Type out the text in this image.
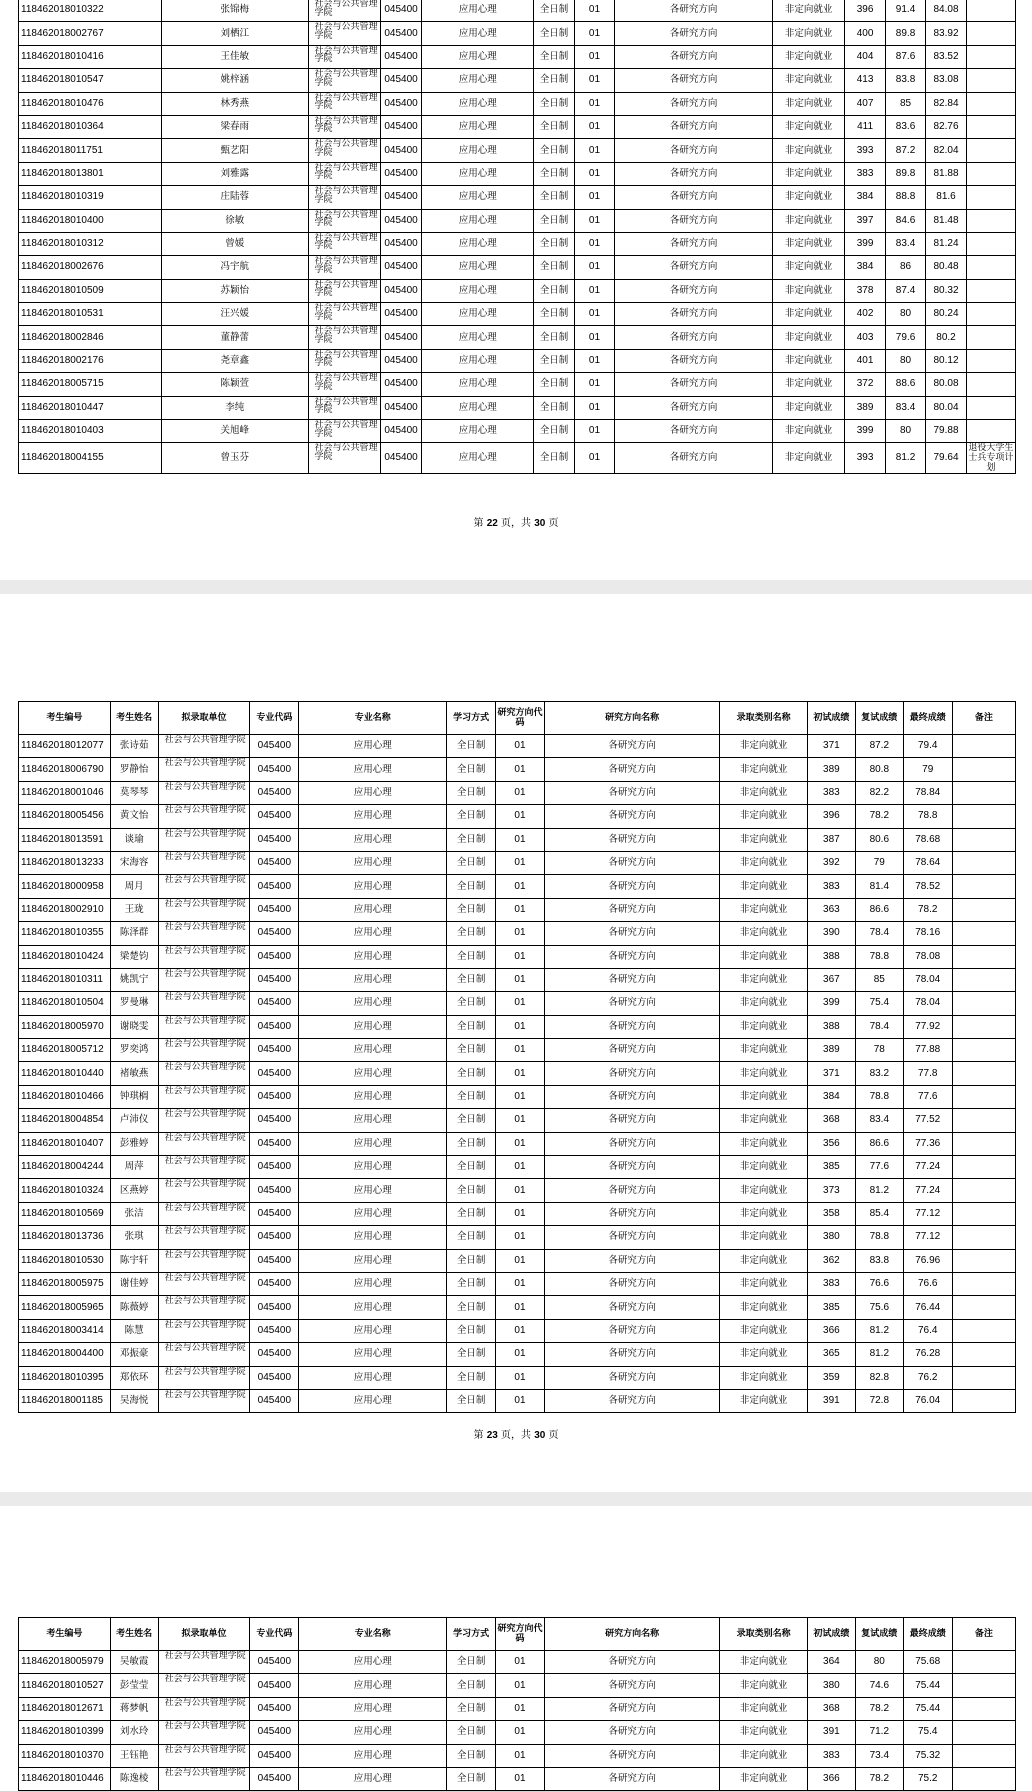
118462018010322	张锦梅	社会与公共管理学院	045400	应用心理	全日制	01	各研究方向	非定向就业	396	91.4	84.08	
118462018002767	刘栖江	社会与公共管理学院	045400	应用心理	全日制	01	各研究方向	非定向就业	400	89.8	83.92	
118462018010416	王佳敏	社会与公共管理学院	045400	应用心理	全日制	01	各研究方向	非定向就业	404	87.6	83.52	
118462018010547	姚梓涵	社会与公共管理学院	045400	应用心理	全日制	01	各研究方向	非定向就业	413	83.8	83.08	
118462018010476	林秀燕	社会与公共管理学院	045400	应用心理	全日制	01	各研究方向	非定向就业	407	85	82.84	
118462018010364	梁春雨	社会与公共管理学院	045400	应用心理	全日制	01	各研究方向	非定向就业	411	83.6	82.76	
118462018011751	甄艺阳	社会与公共管理学院	045400	应用心理	全日制	01	各研究方向	非定向就业	393	87.2	82.04	
118462018013801	刘雅露	社会与公共管理学院	045400	应用心理	全日制	01	各研究方向	非定向就业	383	89.8	81.88	
118462018010319	庄陆蓉	社会与公共管理学院	045400	应用心理	全日制	01	各研究方向	非定向就业	384	88.8	81.6	
118462018010400	徐敏	社会与公共管理学院	045400	应用心理	全日制	01	各研究方向	非定向就业	397	84.6	81.48	
118462018010312	曾媛	社会与公共管理学院	045400	应用心理	全日制	01	各研究方向	非定向就业	399	83.4	81.24	
118462018002676	冯宇航	社会与公共管理学院	045400	应用心理	全日制	01	各研究方向	非定向就业	384	86	80.48	
118462018010509	苏颖怡	社会与公共管理学院	045400	应用心理	全日制	01	各研究方向	非定向就业	378	87.4	80.32	
118462018010531	汪兴媛	社会与公共管理学院	045400	应用心理	全日制	01	各研究方向	非定向就业	402	80	80.24	
118462018002846	董静蕾	社会与公共管理学院	045400	应用心理	全日制	01	各研究方向	非定向就业	403	79.6	80.2	
118462018002176	尧章鑫	社会与公共管理学院	045400	应用心理	全日制	01	各研究方向	非定向就业	401	80	80.12	
118462018005715	陈颖萱	社会与公共管理学院	045400	应用心理	全日制	01	各研究方向	非定向就业	372	88.6	80.08	
118462018010447	李纯	社会与公共管理学院	045400	应用心理	全日制	01	各研究方向	非定向就业	389	83.4	80.04	
118462018010403	关旭峰	社会与公共管理学院	045400	应用心理	全日制	01	各研究方向	非定向就业	399	80	79.88	
118462018004155	曾玉芬	社会与公共管理学院	045400	应用心理	全日制	01	各研究方向	非定向就业	393	81.2	79.64	退役大学生士兵专项计划
第 22 页，共 30 页
考生编号	考生姓名	拟录取单位	专业代码	专业名称	学习方式	研究方向代码	研究方向名称	录取类别名称	初试成绩	复试成绩	最终成绩	备注
118462018012077	张诗茹	社会与公共管理学院	045400	应用心理	全日制	01	各研究方向	非定向就业	371	87.2	79.4	
118462018006790	罗静怡	社会与公共管理学院	045400	应用心理	全日制	01	各研究方向	非定向就业	389	80.8	79	
118462018001046	莫琴琴	社会与公共管理学院	045400	应用心理	全日制	01	各研究方向	非定向就业	383	82.2	78.84	
118462018005456	黄文怡	社会与公共管理学院	045400	应用心理	全日制	01	各研究方向	非定向就业	396	78.2	78.8	
118462018013591	谈瑜	社会与公共管理学院	045400	应用心理	全日制	01	各研究方向	非定向就业	387	80.6	78.68	
118462018013233	宋海容	社会与公共管理学院	045400	应用心理	全日制	01	各研究方向	非定向就业	392	79	78.64	
118462018000958	周月	社会与公共管理学院	045400	应用心理	全日制	01	各研究方向	非定向就业	383	81.4	78.52	
118462018002910	王珑	社会与公共管理学院	045400	应用心理	全日制	01	各研究方向	非定向就业	363	86.6	78.2	
118462018010355	陈泽群	社会与公共管理学院	045400	应用心理	全日制	01	各研究方向	非定向就业	390	78.4	78.16	
118462018010424	梁楚钧	社会与公共管理学院	045400	应用心理	全日制	01	各研究方向	非定向就业	388	78.8	78.08	
118462018010311	姚凯宁	社会与公共管理学院	045400	应用心理	全日制	01	各研究方向	非定向就业	367	85	78.04	
118462018010504	罗曼琳	社会与公共管理学院	045400	应用心理	全日制	01	各研究方向	非定向就业	399	75.4	78.04	
118462018005970	谢晓雯	社会与公共管理学院	045400	应用心理	全日制	01	各研究方向	非定向就业	388	78.4	77.92	
118462018005712	罗奕鸿	社会与公共管理学院	045400	应用心理	全日制	01	各研究方向	非定向就业	389	78	77.88	
118462018010440	褚敏燕	社会与公共管理学院	045400	应用心理	全日制	01	各研究方向	非定向就业	371	83.2	77.8	
118462018010466	钟琪榈	社会与公共管理学院	045400	应用心理	全日制	01	各研究方向	非定向就业	384	78.8	77.6	
118462018004854	卢沛仪	社会与公共管理学院	045400	应用心理	全日制	01	各研究方向	非定向就业	368	83.4	77.52	
118462018010407	彭雅婷	社会与公共管理学院	045400	应用心理	全日制	01	各研究方向	非定向就业	356	86.6	77.36	
118462018004244	周萍	社会与公共管理学院	045400	应用心理	全日制	01	各研究方向	非定向就业	385	77.6	77.24	
118462018010324	区燕婷	社会与公共管理学院	045400	应用心理	全日制	01	各研究方向	非定向就业	373	81.2	77.24	
118462018010569	张洁	社会与公共管理学院	045400	应用心理	全日制	01	各研究方向	非定向就业	358	85.4	77.12	
118462018013736	张琪	社会与公共管理学院	045400	应用心理	全日制	01	各研究方向	非定向就业	380	78.8	77.12	
118462018010530	陈宇轩	社会与公共管理学院	045400	应用心理	全日制	01	各研究方向	非定向就业	362	83.8	76.96	
118462018005975	谢佳婷	社会与公共管理学院	045400	应用心理	全日制	01	各研究方向	非定向就业	383	76.6	76.6	
118462018005965	陈薇婷	社会与公共管理学院	045400	应用心理	全日制	01	各研究方向	非定向就业	385	75.6	76.44	
118462018003414	陈慧	社会与公共管理学院	045400	应用心理	全日制	01	各研究方向	非定向就业	366	81.2	76.4	
118462018004400	邓振豪	社会与公共管理学院	045400	应用心理	全日制	01	各研究方向	非定向就业	365	81.2	76.28	
118462018010395	郑依环	社会与公共管理学院	045400	应用心理	全日制	01	各研究方向	非定向就业	359	82.8	76.2	
118462018001185	吴海悦	社会与公共管理学院	045400	应用心理	全日制	01	各研究方向	非定向就业	391	72.8	76.04	
第 23 页，共 30 页
考生编号	考生姓名	拟录取单位	专业代码	专业名称	学习方式	研究方向代码	研究方向名称	录取类别名称	初试成绩	复试成绩	最终成绩	备注
118462018005979	吴敏霞	社会与公共管理学院	045400	应用心理	全日制	01	各研究方向	非定向就业	364	80	75.68	
118462018010527	彭莹莹	社会与公共管理学院	045400	应用心理	全日制	01	各研究方向	非定向就业	380	74.6	75.44	
118462018012671	蒋梦帆	社会与公共管理学院	045400	应用心理	全日制	01	各研究方向	非定向就业	368	78.2	75.44	
118462018010399	刘水玲	社会与公共管理学院	045400	应用心理	全日制	01	各研究方向	非定向就业	391	71.2	75.4	
118462018010370	王钰艳	社会与公共管理学院	045400	应用心理	全日制	01	各研究方向	非定向就业	383	73.4	75.32	
118462018010446	陈逸棱	社会与公共管理学院	045400	应用心理	全日制	01	各研究方向	非定向就业	366	78.2	75.2	
